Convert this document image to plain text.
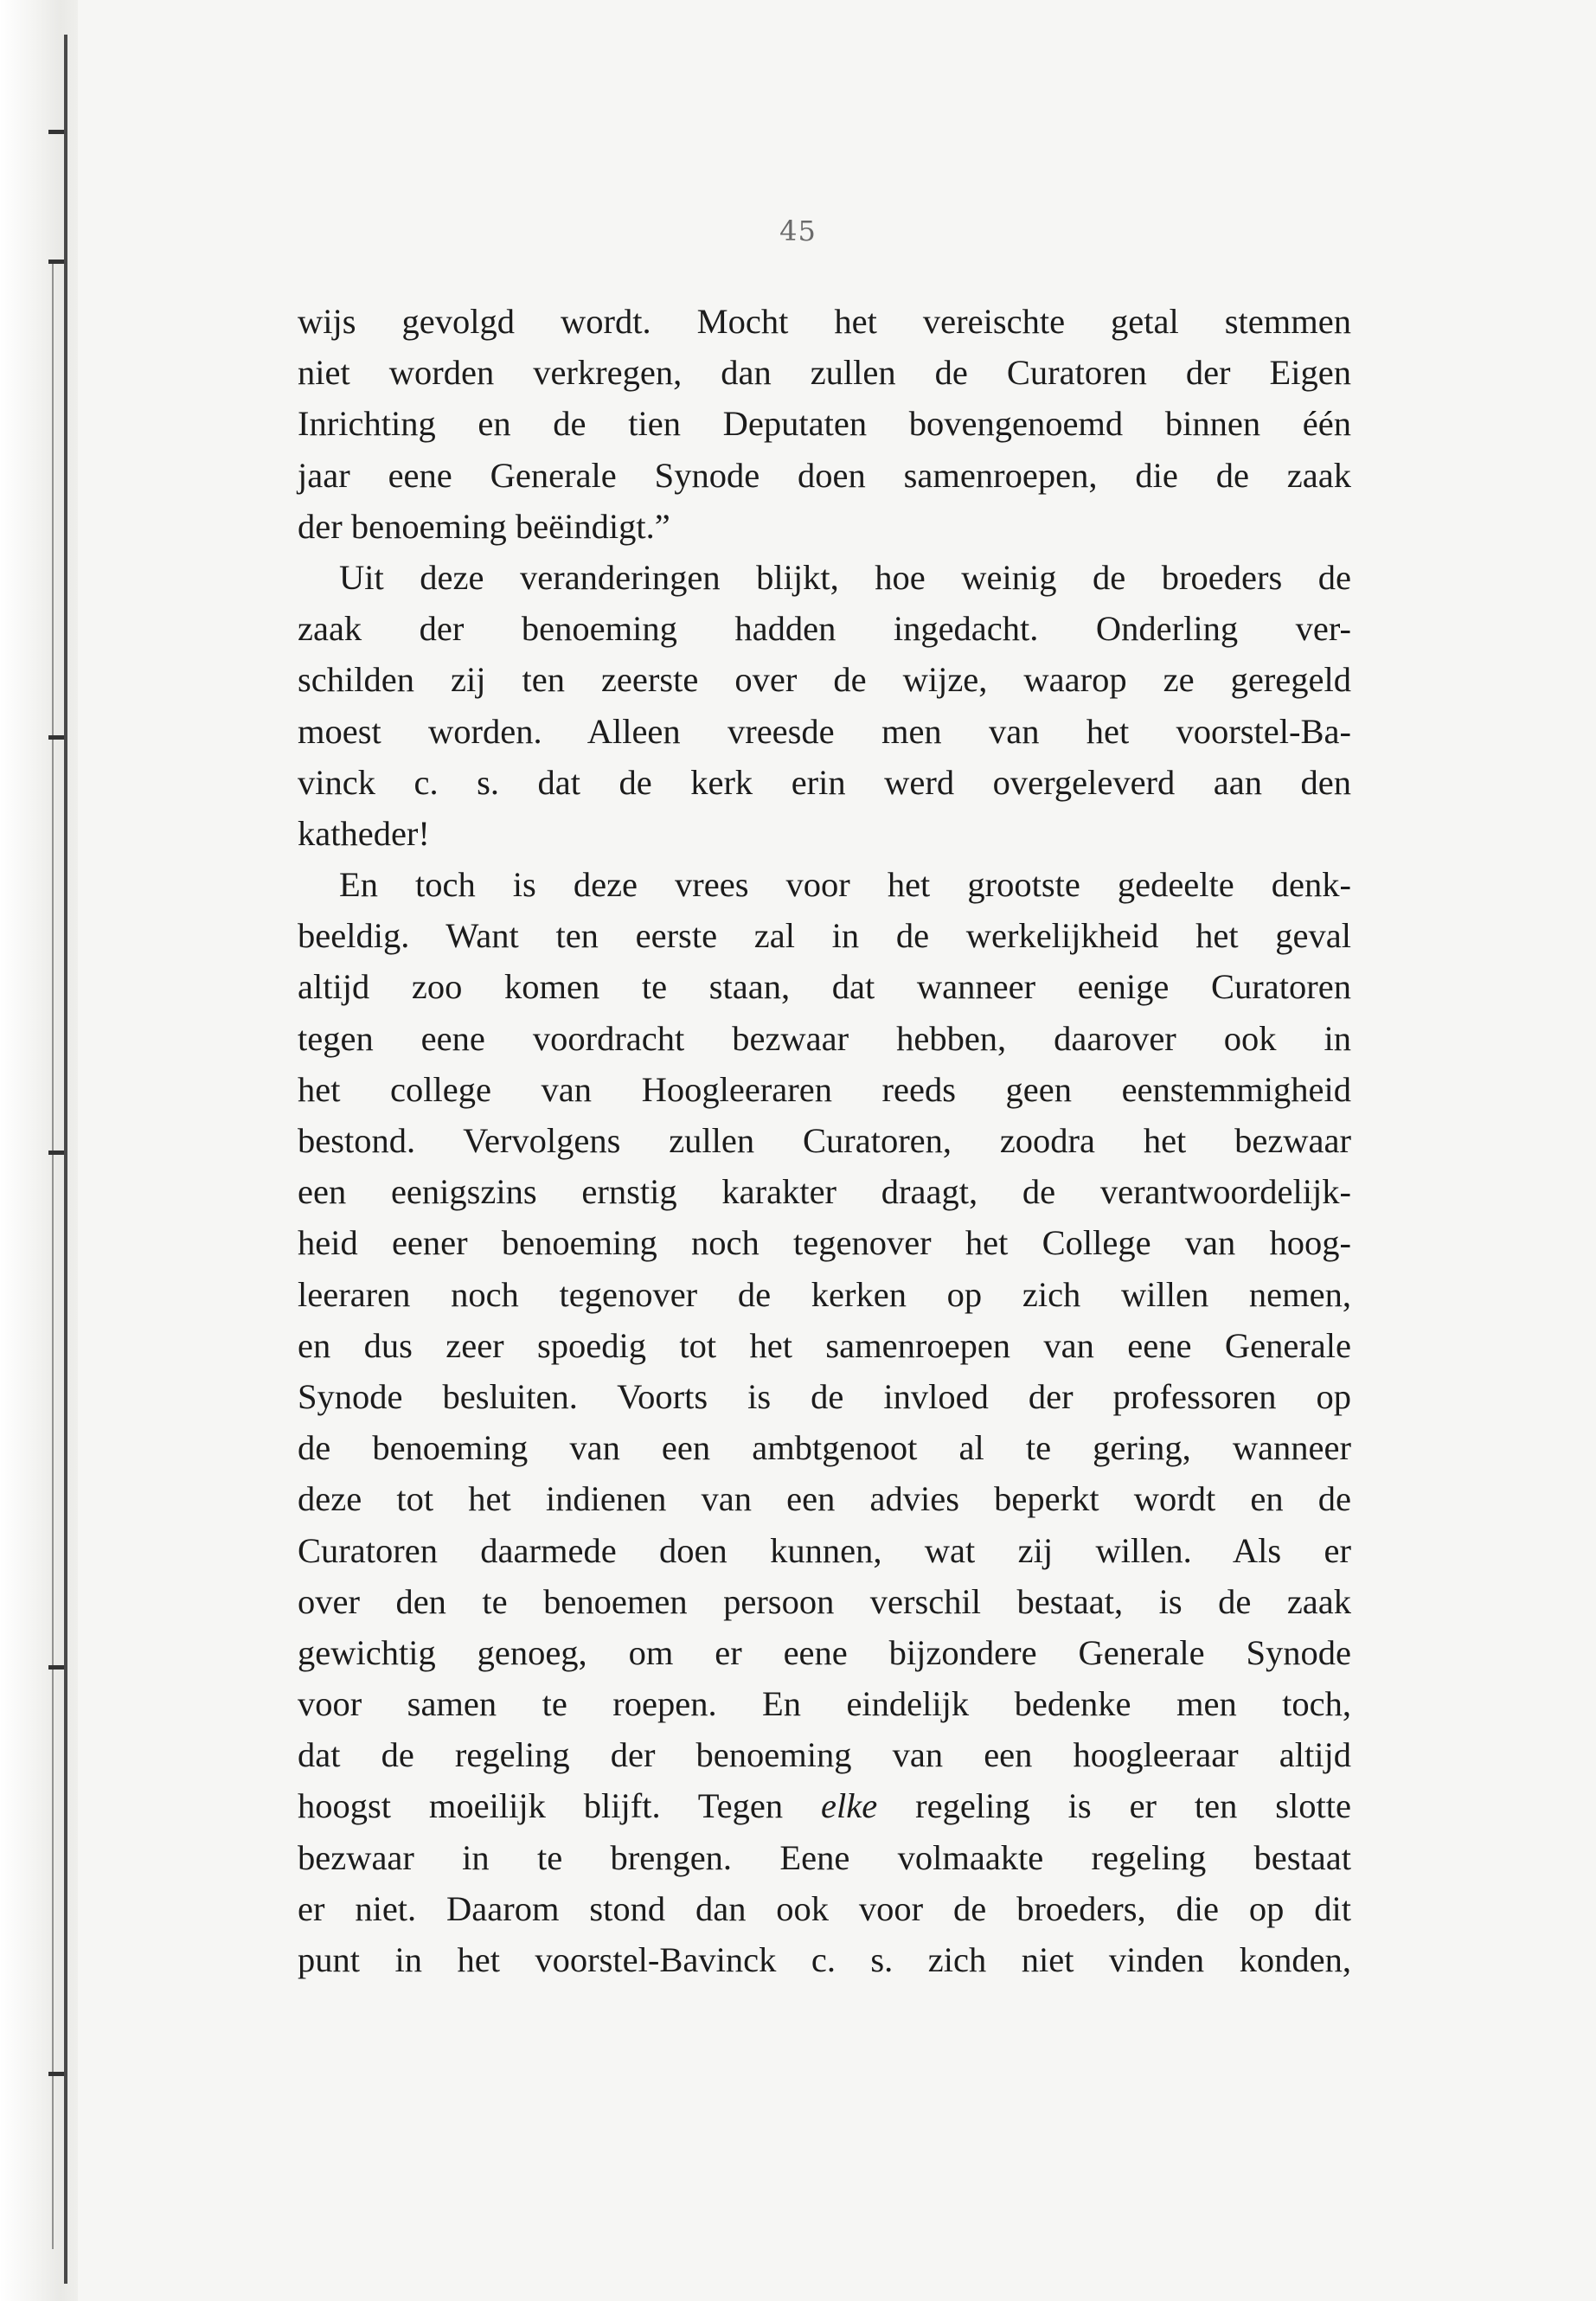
45
wijs gevolgd wordt. Mocht het vereischte getal stemmen
niet worden verkregen, dan zullen de Curatoren der Eigen
Inrichting en de tien Deputaten bovengenoemd binnen één
jaar eene Generale Synode doen samenroepen, die de zaak
der benoeming beëindigt.”
Uit deze veranderingen blijkt, hoe weinig de broeders de
zaak der benoeming hadden ingedacht. Onderling ver-
schilden zij ten zeerste over de wijze, waarop ze geregeld
moest worden. Alleen vreesde men van het voorstel-Ba-
vinck c. s. dat de kerk erin werd overgeleverd aan den
katheder!
En toch is deze vrees voor het grootste gedeelte denk-
beeldig. Want ten eerste zal in de werkelijkheid het geval
altijd zoo komen te staan, dat wanneer eenige Curatoren
tegen eene voordracht bezwaar hebben, daarover ook in
het college van Hoogleeraren reeds geen eenstemmigheid
bestond. Vervolgens zullen Curatoren, zoodra het bezwaar
een eenigszins ernstig karakter draagt, de verantwoordelijk-
heid eener benoeming noch tegenover het College van hoog-
leeraren noch tegenover de kerken op zich willen nemen,
en dus zeer spoedig tot het samenroepen van eene Generale
Synode besluiten. Voorts is de invloed der professoren op
de benoeming van een ambtgenoot al te gering, wanneer
deze tot het indienen van een advies beperkt wordt en de
Curatoren daarmede doen kunnen, wat zij willen. Als er
over den te benoemen persoon verschil bestaat, is de zaak
gewichtig genoeg, om er eene bijzondere Generale Synode
voor samen te roepen. En eindelijk bedenke men toch,
dat de regeling der benoeming van een hoogleeraar altijd
hoogst moeilijk blijft. Tegen elke regeling is er ten slotte
bezwaar in te brengen. Eene volmaakte regeling bestaat
er niet. Daarom stond dan ook voor de broeders, die op dit
punt in het voorstel-Bavinck c. s. zich niet vinden konden,
